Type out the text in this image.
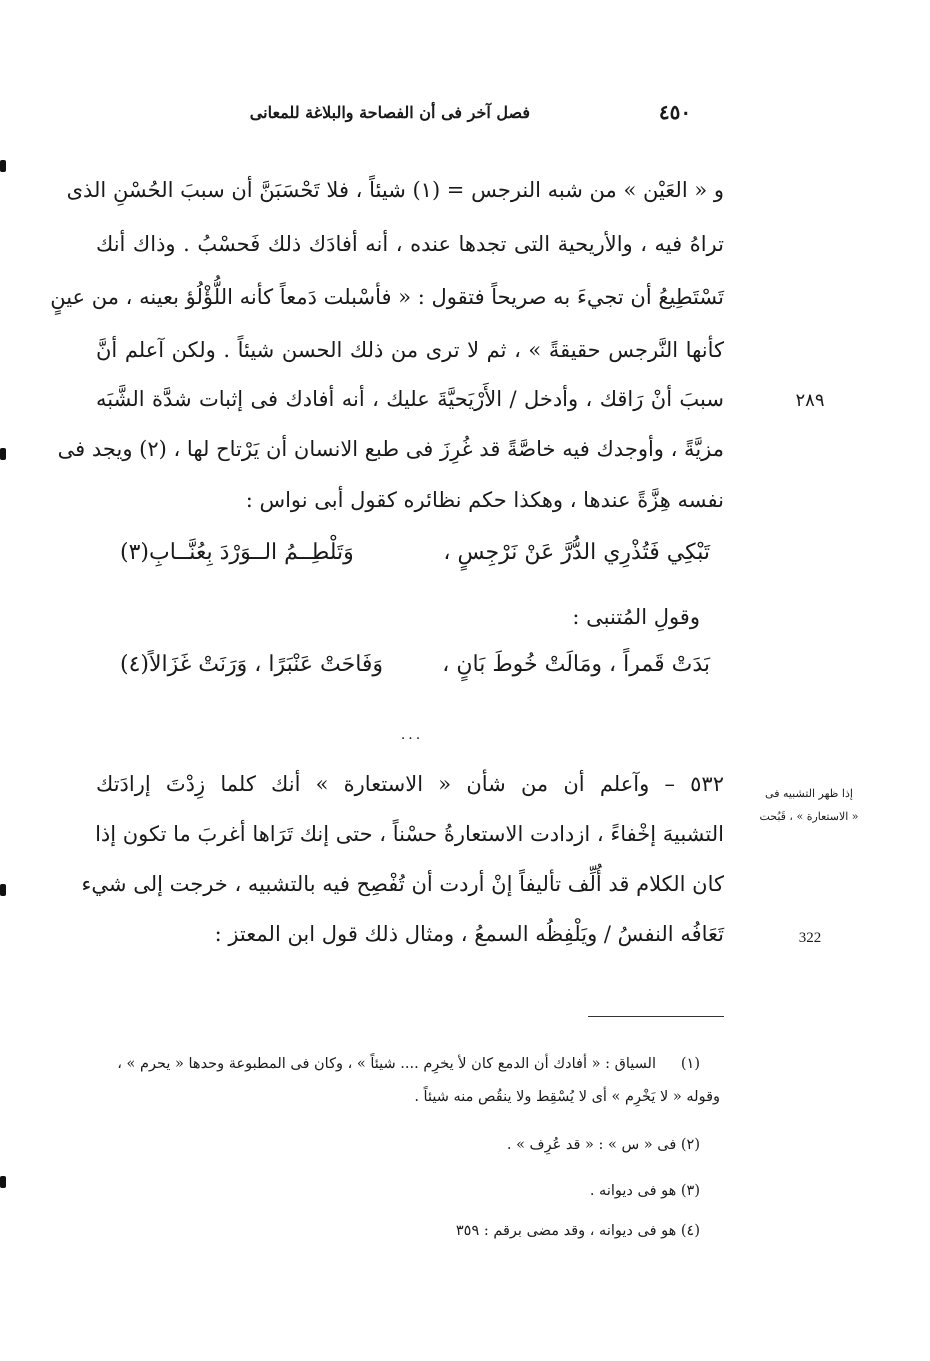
٤٥٠
فصل آخر فى أن الفصاحة والبلاغة للمعانى
و « العَيْن » من شبه النرجس = (١) شيئاً ، فلا تَحْسَبَنَّ أن سببَ الحُسْنِ الذى
تراهُ فيه ، والأريحية التى تجدها عنده ، أنه أفادَك ذلك فَحسْبُ . وذاك أنك
تَسْتَطِيعُ أن تجيءَ به صريحاً فتقول : « فأسْبلت دَمعاً كأنه اللُّؤْلُؤ بعينه ، من عينٍ
كأنها النَّرجس حقيقةً » ، ثم لا ترى من ذلك الحسن شيئاً . ولكن آعلم أنَّ
سببَ أنْ رَاقك ، وأدخل / الأَرْيَحيَّةَ عليك ، أنه أفادك فى إثبات شدَّة الشَّبَه
مزيَّةً ، وأوجدك فيه خاصَّةً قد غُرِزَ فى طبع الانسان أن يَرْتاح لها ، (٢) ويجد فى
نفسه هِزَّةً عندها ، وهكذا حكم نظائره كقول أبى نواس :
٢٨٩
تَبْكِي فَتُذْرِي الدُّرَّ عَنْ نَرْجِسٍ ،
وَتَلْطِــمُ الــوَرْدَ بِعُنَّــابِ(٣)
وقولِ المُتنبى :
بَدَتْ قَمراً ، ومَالَتْ خُوطَ بَانٍ ،
وَفَاحَتْ عَنْبَرًا ، وَرَنَتْ غَزَالاً(٤)
...
٥٣٢ – وآعلم أن من شأن « الاستعارة » أنك كلما زِدْتَ إرادَتك
التشبيهَ إخْفاءً ، ازدادت الاستعارةُ حسْناً ، حتى إنك تَرَاها أغربَ ما تكون إذا
كان الكلام قد أُلِّف تأليفاً إنْ أردت أن تُفْصِح فيه بالتشبيه ، خرجت إلى شيء
تَعَافُه النفسُ / ويَلْفِظُه السمعُ ، ومثال ذلك قول ابن المعتز :
إذا ظهر التشبيه فى
« الاستعارة » ، قَبُحت
322
السياق : « أفادك أن الدمع كان لأ يخرِم .... شيئاً » ، وكان فى المطبوعة وحدها « يحرم » ،	(١)
وقوله « لا يَخْرِم » أى لا يُسْقِط ولا ينقُص منه شيئاً .
(٢) فى « س » : « قد عُرِف » .
(٣) هو فى ديوانه .
(٤) هو فى ديوانه ، وقد مضى برقم : ٣٥٩
